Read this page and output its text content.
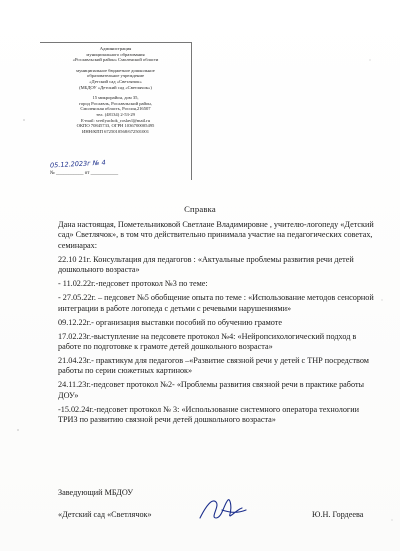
Администрация
муниципального образования
«Рославльский район» Смоленской области
муниципальное бюджетное дошкольное
образовательное учреждение
«Детский сад «Светлячок»
(МБДОУ «Детский сад «Светлячок»)
15 микрорайон, дом 35,
город Рославль, Рославльский район,
Смоленская область, Россия,216507
тел. (48134) 2-53-29
E-mail: svetlyachok_roslavl@mail.ru
ОКПО 70845733, ОГРН 1036700005495
ИНН/КПП 6725010568/672501001
05.12.2023г № 4
№ ___________ от ___________
Справка

Дана настоящая, Пометельниковой Светлане Владимировне , учителю-логопеду «Детский сад» Светлячок», в том что действительно принимала участие на педагогических советах, семинарах:

22.10 21г. Консультация для педагогов : «Актуальные проблемы развития речи детей дошкольного возраста»

- 11.02.22г.-педсовет протокол №3 по теме:

- 27.05.22г. – педсовет №5 обобщение опыта по теме : «Использование методов сенсорной интеграции в работе логопеда с детьми с речевыми нарушениями»

09.12.22г.- организация выставки пособий по обучению грамоте

17.02.23г.-выступление на педсовете протокол №4: «Нейропсихологический подход в работе по подготовке к грамоте детей дошкольного возраста»

21.04.23г.- практикум для педагогов –«Развитие связной речи у детей с ТНР посредством работы по серии сюжетных картинок»

24.11.23г.-педсовет протокол №2- «Проблемы развития связной речи в практике работы ДОУ»

-15.02.24г.-педсовет протокол № 3: «Использование системного оператора технологии ТРИЗ по развитию связной речи детей дошкольного возраста»

Заведующий МБДОУ
«Детский сад «Светлячок»	Ю.Н. Гордеева
